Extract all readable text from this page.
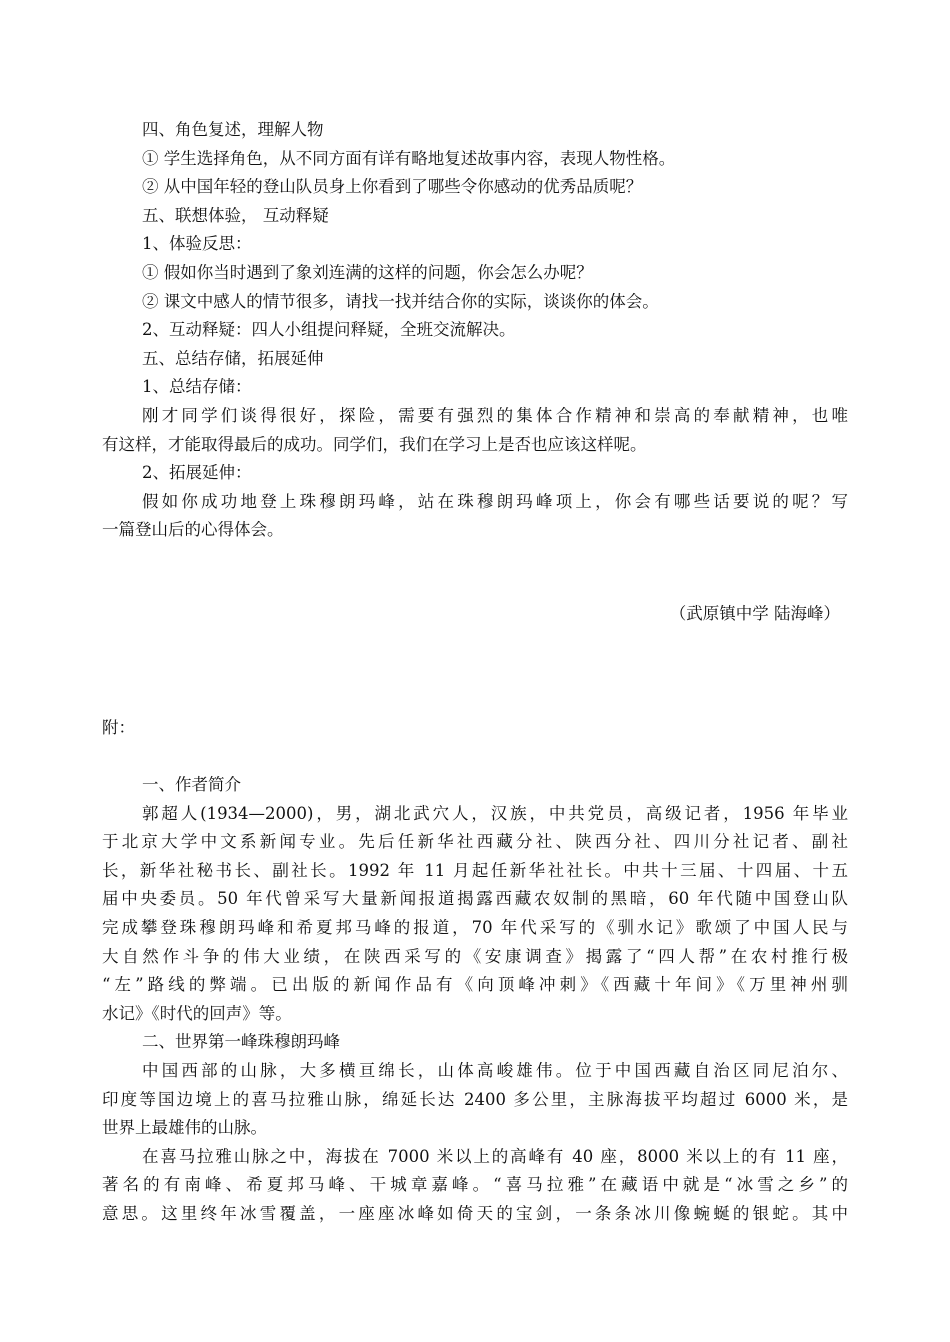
四、角色复述，理解人物
① 学生选择角色，从不同方面有详有略地复述故事内容，表现人物性格。
② 从中国年轻的登山队员身上你看到了哪些令你感动的优秀品质呢？
五、联想体验， 互动释疑
1、体验反思：
① 假如你当时遇到了象刘连满的这样的问题，你会怎么办呢？
② 课文中感人的情节很多，请找一找并结合你的实际，谈谈你的体会。
2、互动释疑：四人小组提问释疑，全班交流解决。
五、总结存储，拓展延伸
1、总结存储：
刚才同学们谈得很好，探险，需要有强烈的集体合作精神和崇高的奉献精神，也唯
有这样，才能取得最后的成功。同学们，我们在学习上是否也应该这样呢。
2、拓展延伸：
假如你成功地登上珠穆朗玛峰，站在珠穆朗玛峰项上，你会有哪些话要说的呢？写
一篇登山后的心得体会。
（武原镇中学 陆海峰）
附：
一、作者简介
郭超人(1934—2000)，男，湖北武穴人，汉族，中共党员，高级记者，1956 年毕业
于北京大学中文系新闻专业。先后任新华社西藏分社、陕西分社、四川分社记者、副社
长，新华社秘书长、副社长。1992 年 11 月起任新华社社长。中共十三届、十四届、十五
届中央委员。50 年代曾采写大量新闻报道揭露西藏农奴制的黑暗，60 年代随中国登山队
完成攀登珠穆朗玛峰和希夏邦马峰的报道，70 年代采写的《驯水记》歌颂了中国人民与
大自然作斗争的伟大业绩，在陕西采写的《安康调查》揭露了“四人帮”在农村推行极
“左”路线的弊端。已出版的新闻作品有《向顶峰冲刺》《西藏十年间》《万里神州驯
水记》《时代的回声》等。
二、世界第一峰珠穆朗玛峰
中国西部的山脉，大多横亘绵长，山体高峻雄伟。位于中国西藏自治区同尼泊尔、
印度等国边境上的喜马拉雅山脉，绵延长达 2400 多公里，主脉海拔平均超过 6000 米，是
世界上最雄伟的山脉。
在喜马拉雅山脉之中，海拔在 7000 米以上的高峰有 40 座，8000 米以上的有 11 座，
著名的有南峰、希夏邦马峰、干城章嘉峰。“喜马拉雅”在藏语中就是“冰雪之乡”的
意思。这里终年冰雪覆盖，一座座冰峰如倚天的宝剑，一条条冰川像蜿蜒的银蛇。其中
